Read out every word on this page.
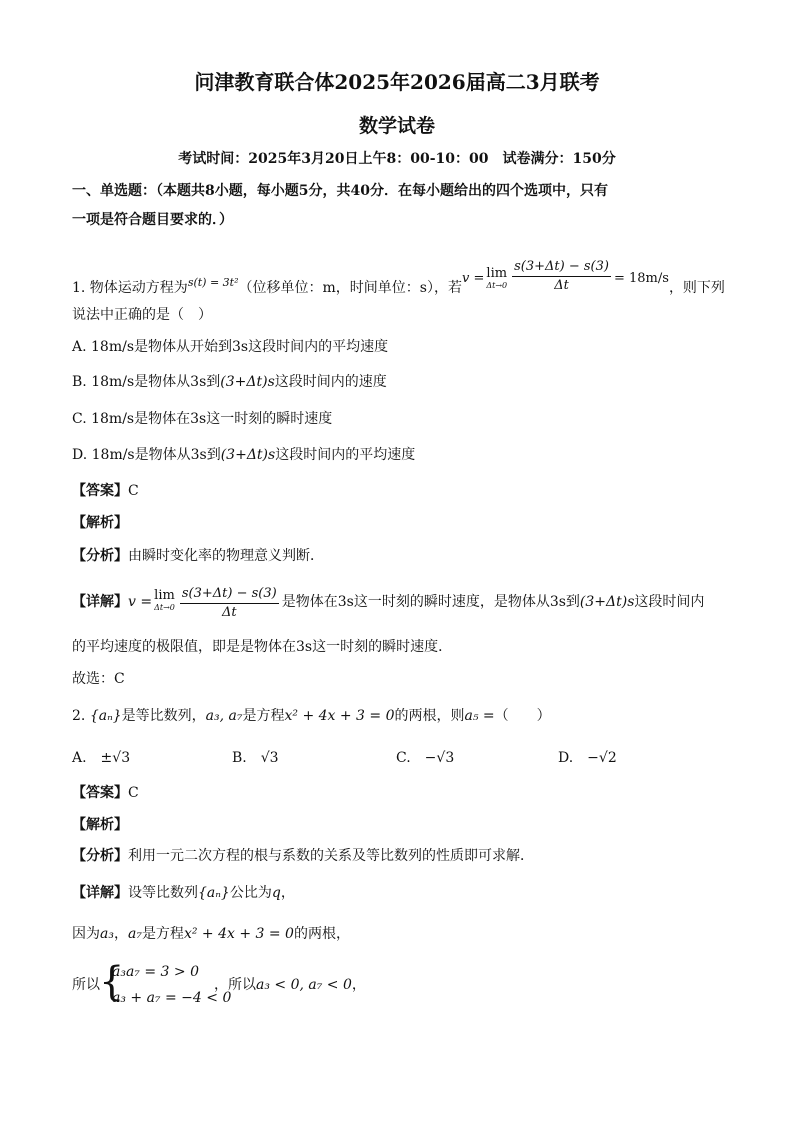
问津教育联合体2025年2026届高二3月联考
数学试卷
考试时间：2025年3月20日上午8：00-10：00　试卷满分：150分
一、单选题：（本题共8小题，每小题5分，共40分．在每小题给出的四个选项中，只有
一项是符合题目要求的．）
1. 物体运动方程为$^{s(t) = 3t^2}$（位移单位：m，时间单位：s），若v = lim
$\Delta t\to 0 \frac{s(3+\Delta t) - s(3)}{\Delta t} = 18m/s$，则下列
说法中正确的是（　）
A. 18m/s是物体从开始到3s这段时间内的平均速度
B. 18m/s是物体从3s到(3+Δt)s这段时间内的速度
C. 18m/s是物体在3s这一时刻的瞬时速度
D. 18m/s是物体从3s到(3+Δt)s这段时间内的平均速度
【答案】C
【解析】
【分析】由瞬时变化率的物理意义判断．
【详解】v = lim
$\Delta t\to 0 \frac{s(3+\Delta t) - s(3)}{\Delta t}$ 是物体在3s这一时刻的瞬时速度，是物体从3s到(3+Δt)s这段时间内
的平均速度的极限值，即是是物体在3s这一时刻的瞬时速度．
故选：C
2. {aₙ}是等比数列，a₃, a₇是方程x² + 4x + 3 = 0的两根，则a₅ =（　　）
A.　±√3	B.　√3	C.　−√3	D.　−√2
【答案】C
【解析】
【分析】利用一元二次方程的根与系数的关系及等比数列的性质即可求解．
【详解】设等比数列{aₙ}公比为q，
因为a₃，a₇是方程x² + 4x + 3 = 0的两根，
所以 {
a₃a₇ = 3 > 0
a₃ + a₇ = −4 < 0
，所以a₃ < 0, a₇ < 0，
